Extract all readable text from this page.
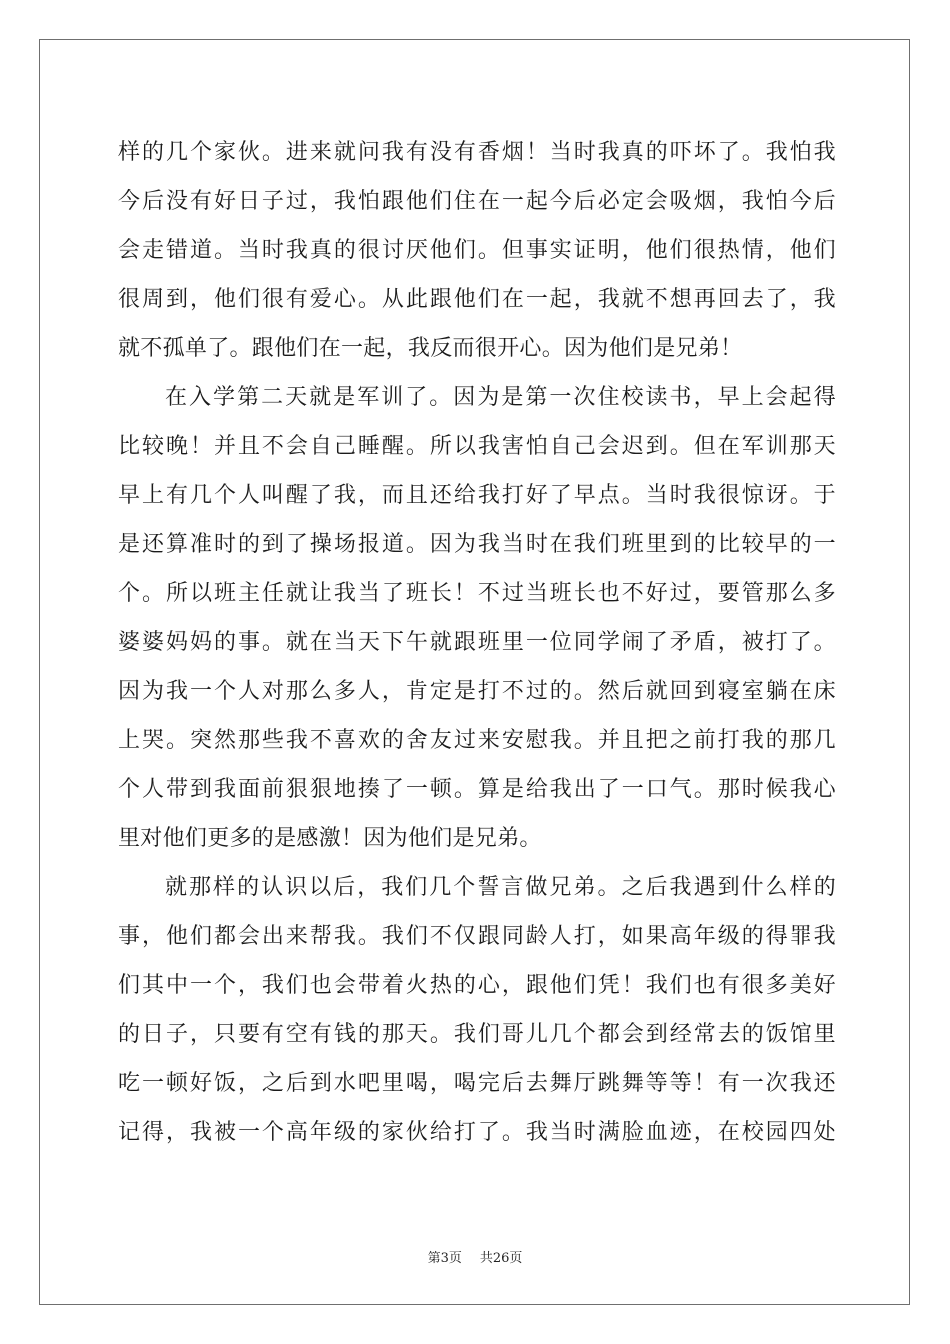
样的几个家伙。进来就问我有没有香烟！当时我真的吓坏了。我怕我
今后没有好日子过，我怕跟他们住在一起今后必定会吸烟，我怕今后
会走错道。当时我真的很讨厌他们。但事实证明，他们很热情，他们
很周到，他们很有爱心。从此跟他们在一起，我就不想再回去了，我
就不孤单了。跟他们在一起，我反而很开心。因为他们是兄弟！
在入学第二天就是军训了。因为是第一次住校读书，早上会起得
比较晚！并且不会自己睡醒。所以我害怕自己会迟到。但在军训那天
早上有几个人叫醒了我，而且还给我打好了早点。当时我很惊讶。于
是还算准时的到了操场报道。因为我当时在我们班里到的比较早的一
个。所以班主任就让我当了班长！不过当班长也不好过，要管那么多
婆婆妈妈的事。就在当天下午就跟班里一位同学闹了矛盾，被打了。
因为我一个人对那么多人，肯定是打不过的。然后就回到寝室躺在床
上哭。突然那些我不喜欢的舍友过来安慰我。并且把之前打我的那几
个人带到我面前狠狠地揍了一顿。算是给我出了一口气。那时候我心
里对他们更多的是感激！因为他们是兄弟。
就那样的认识以后，我们几个誓言做兄弟。之后我遇到什么样的
事，他们都会出来帮我。我们不仅跟同龄人打，如果高年级的得罪我
们其中一个，我们也会带着火热的心，跟他们凭！我们也有很多美好
的日子，只要有空有钱的那天。我们哥儿几个都会到经常去的饭馆里
吃一顿好饭，之后到水吧里喝，喝完后去舞厅跳舞等等！有一次我还
记得，我被一个高年级的家伙给打了。我当时满脸血迹，在校园四处
第3页 共26页
